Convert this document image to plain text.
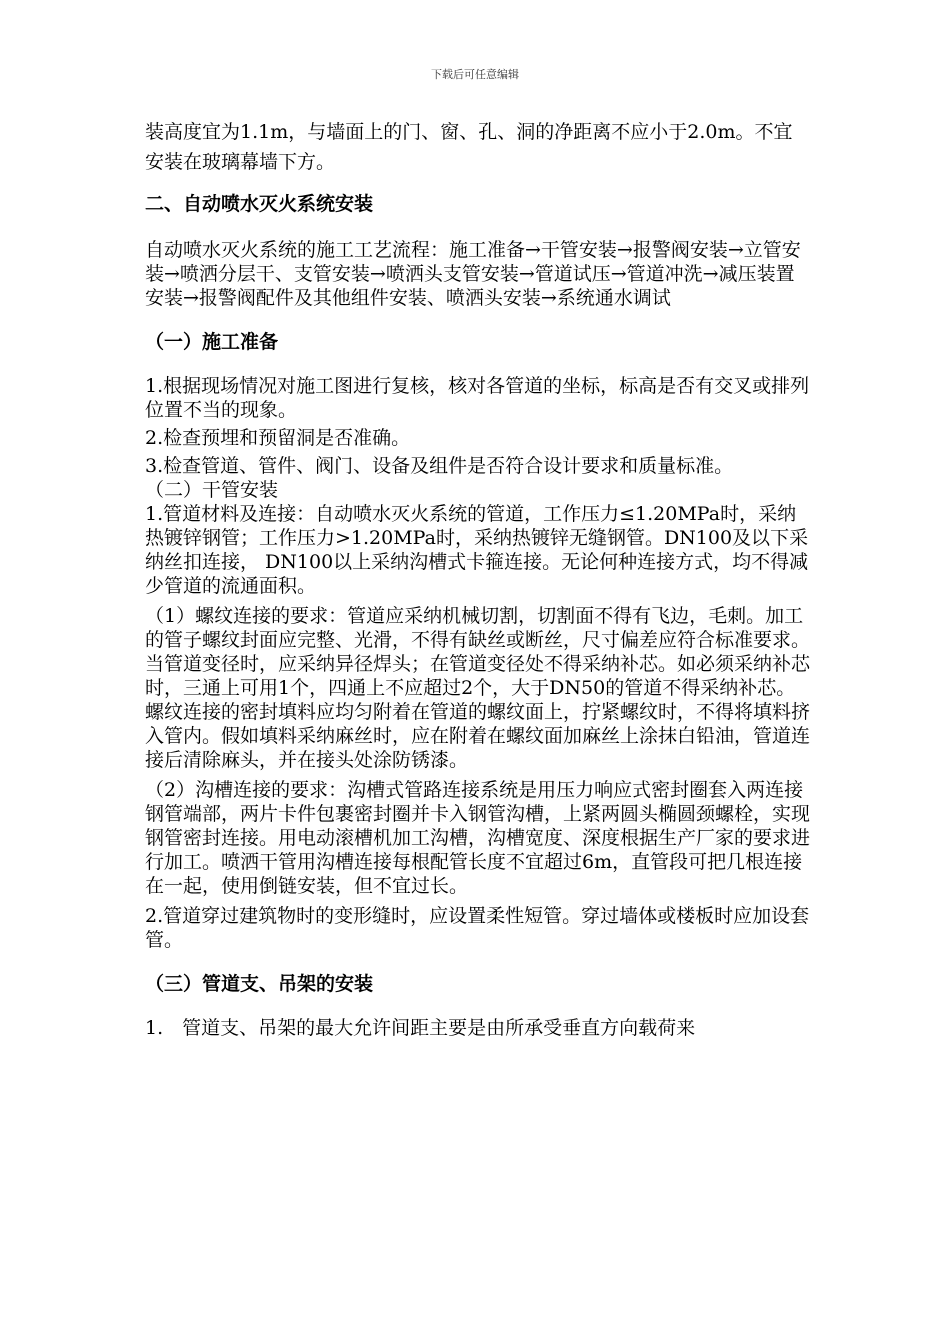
下载后可任意编辑

装高度宜为1.1m，与墙面上的门、窗、孔、洞的净距离不应小于2.0m。不宜

安装在玻璃幕墙下方。

二、自动喷水灭火系统安装

自动喷水灭火系统的施工工艺流程：施工准备→干管安装→报警阀安装→立管安装→喷洒分层干、支管安装→喷洒头支管安装→管道试压→管道冲洗→减压装置安装→报警阀配件及其他组件安装、喷洒头安装→系统通水调试

（一）施工准备

1.根据现场情况对施工图进行复核，核对各管道的坐标，标高是否有交叉或排列位置不当的现象。

2.检查预埋和预留洞是否准确。

3.检查管道、管件、阀门、设备及组件是否符合设计要求和质量标准。

（二）干管安装

1.管道材料及连接：自动喷水灭火系统的管道，工作压力≤1.20MPa时，采纳热镀锌钢管；工作压力>1.20MPa时，采纳热镀锌无缝钢管。DN100及以下采纳丝扣连接， DN100以上采纳沟槽式卡箍连接。无论何种连接方式，均不得减少管道的流通面积。

（1）螺纹连接的要求：管道应采纳机械切割，切割面不得有飞边，毛刺。加工的管子螺纹封面应完整、光滑，不得有缺丝或断丝，尺寸偏差应符合标准要求。当管道变径时，应采纳异径焊头；在管道变径处不得采纳补芯。如必须采纳补芯时，三通上可用1个，四通上不应超过2个，大于DN50的管道不得采纳补芯。螺纹连接的密封填料应均匀附着在管道的螺纹面上，拧紧螺纹时，不得将填料挤入管内。假如填料采纳麻丝时，应在附着在螺纹面加麻丝上涂抹白铅油，管道连接后清除麻头，并在接头处涂防锈漆。

（2）沟槽连接的要求：沟槽式管路连接系统是用压力响应式密封圈套入两连接钢管端部，两片卡件包裹密封圈并卡入钢管沟槽，上紧两圆头椭圆颈螺栓，实现钢管密封连接。用电动滚槽机加工沟槽，沟槽宽度、深度根据生产厂家的要求进行加工。喷洒干管用沟槽连接每根配管长度不宜超过6m，直管段可把几根连接在一起，使用倒链安装，但不宜过长。

2.管道穿过建筑物时的变形缝时，应设置柔性短管。穿过墙体或楼板时应加设套管。

（三）管道支、吊架的安装

1.　管道支、吊架的最大允许间距主要是由所承受垂直方向载荷来
